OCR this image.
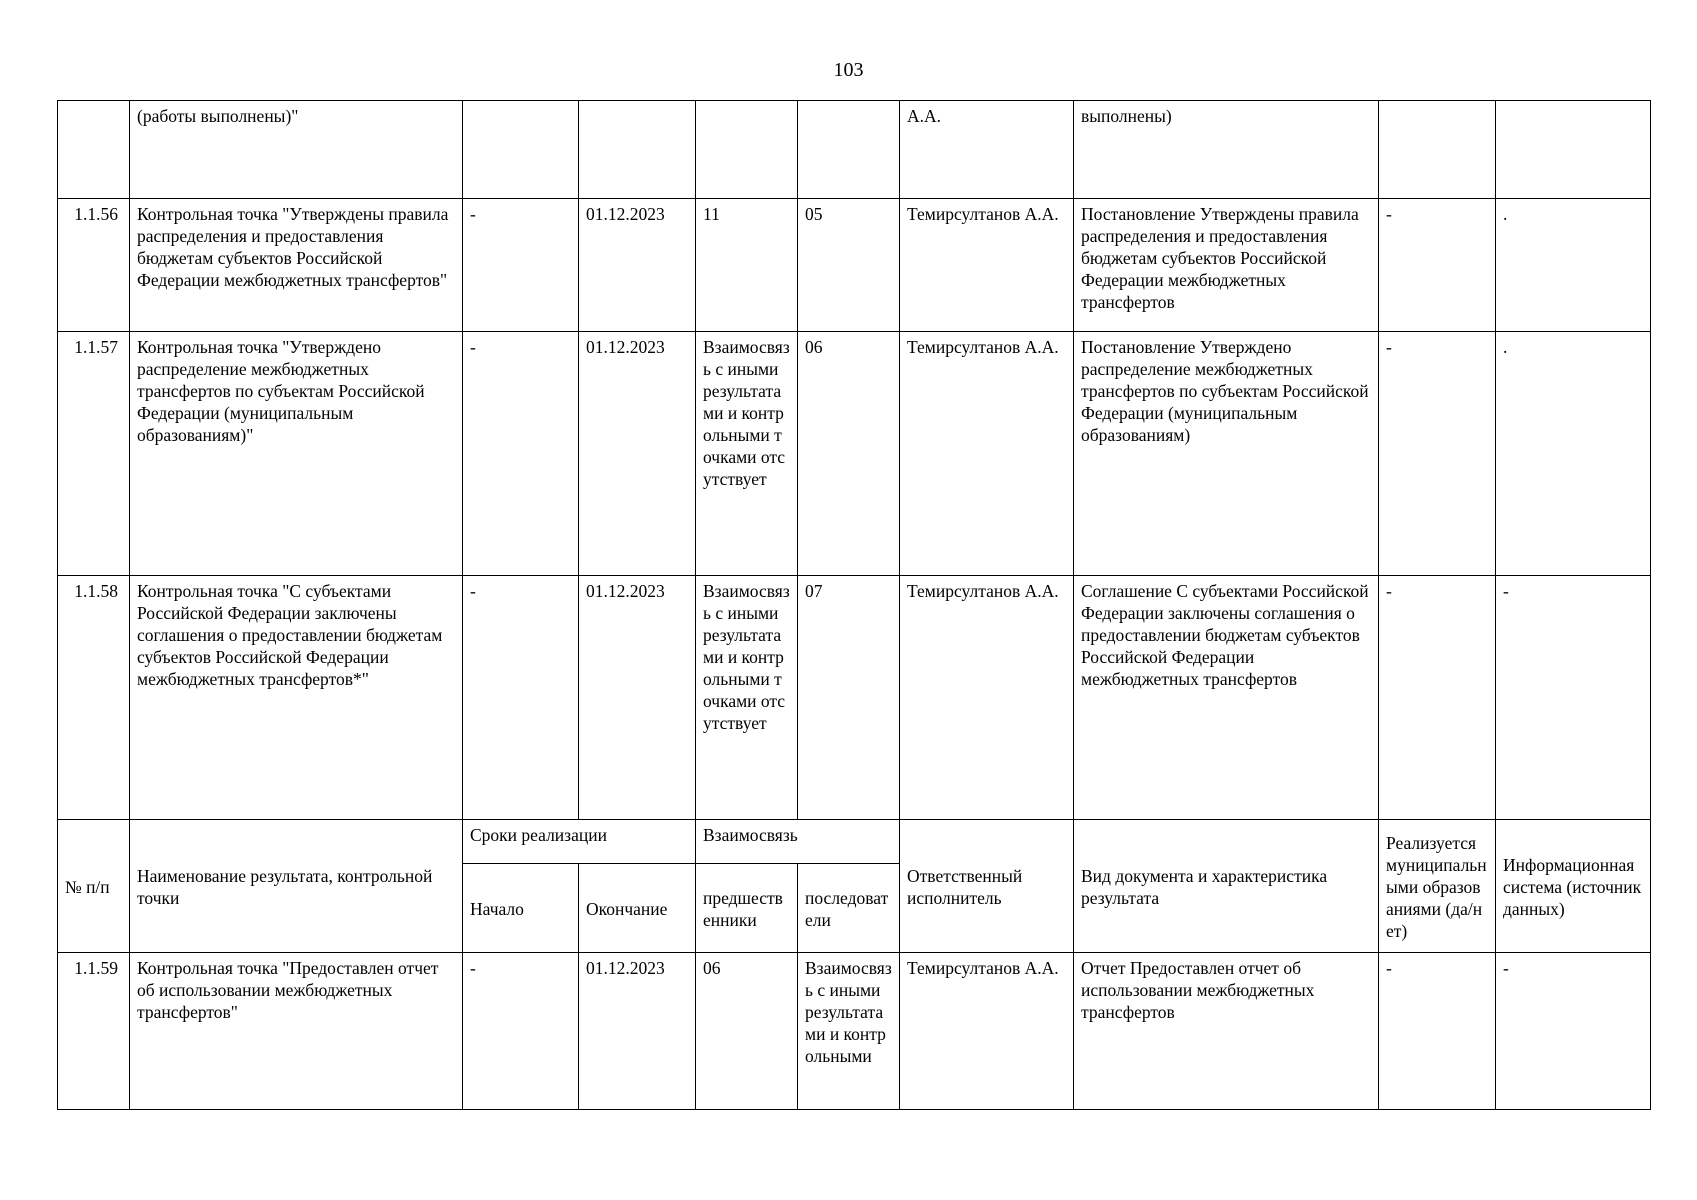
103
	(работы выполнены)"					А.А.	выполнены)		
1.1.56	Контрольная точка "Утверждены правила распределения и предоставления бюджетам субъектов Российской Федерации межбюджетных трансфертов"	-	01.12.2023	11	05	Темирсултанов А.А.	Постановление Утверждены правила распределения и предоставления бюджетам субъектов Российской Федерации межбюджетных трансфертов	-	.
1.1.57	Контрольная точка "Утверждено распределение межбюджетных трансфертов по субъектам Российской Федерации (муниципальным образованиям)"	-	01.12.2023	Взаимосвязь с иными результатами и контрольными точками отсутствует	06	Темирсултанов А.А.	Постановление Утверждено распределение межбюджетных трансфертов по субъектам Российской Федерации (муниципальным образованиям)	-	.
1.1.58	Контрольная точка "С субъектами Российской Федерации заключены соглашения о предоставлении бюджетам субъектов Российской Федерации межбюджетных трансфертов*"	-	01.12.2023	Взаимосвязь с иными результатами и контрольными точками отсутствует	07	Темирсултанов А.А.	Соглашение С субъектами Российской Федерации заключены соглашения о предоставлении бюджетам субъектов Российской Федерации межбюджетных трансфертов	-	-
№ п/п	Наименование результата, контрольной точки	Сроки реализации		Взаимосвязь		Ответственный исполнитель	Вид документа и характеристика результата	Реализуется муниципальными образованиями (да/нет)	Информационная система (источник данных)
		Начало	Окончание	предшественники	последователи				
1.1.59	Контрольная точка "Предоставлен отчет об использовании межбюджетных трансфертов"	-	01.12.2023	06	Взаимосвязь с иными результатами и контрольными	Темирсултанов А.А.	Отчет Предоставлен отчет об использовании межбюджетных трансфертов	-	-
